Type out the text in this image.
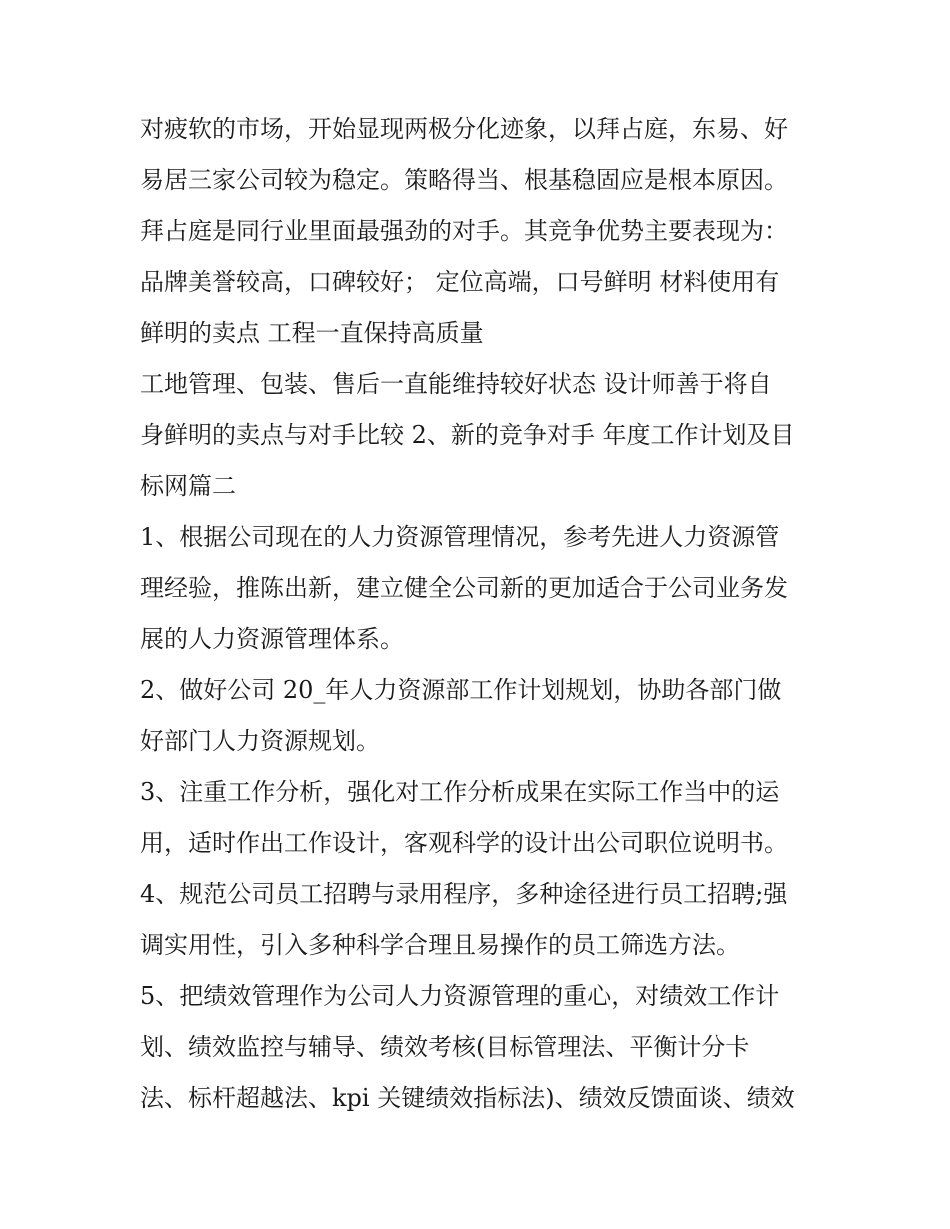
对疲软的市场，开始显现两极分化迹象，以拜占庭，东易、好
易居三家公司较为稳定。策略得当、根基稳固应是根本原因。
拜占庭是同行业里面最强劲的对手。其竞争优势主要表现为：
品牌美誉较高，口碑较好； 定位高端，口号鲜明 材料使用有
鲜明的卖点 工程一直保持高质量
工地管理、包装、售后一直能维持较好状态 设计师善于将自
身鲜明的卖点与对手比较 2、新的竞争对手 年度工作计划及目
标网篇二
1、根据公司现在的人力资源管理情况，参考先进人力资源管
理经验，推陈出新，建立健全公司新的更加适合于公司业务发
展的人力资源管理体系。
2、做好公司 20_年人力资源部工作计划规划，协助各部门做
好部门人力资源规划。
3、注重工作分析，强化对工作分析成果在实际工作当中的运
用，适时作出工作设计，客观科学的设计出公司职位说明书。
4、规范公司员工招聘与录用程序，多种途径进行员工招聘;强
调实用性，引入多种科学合理且易操作的员工筛选方法。
5、把绩效管理作为公司人力资源管理的重心，对绩效工作计
划、绩效监控与辅导、绩效考核(目标管理法、平衡计分卡
法、标杆超越法、kpi 关键绩效指标法)、绩效反馈面谈、绩效
